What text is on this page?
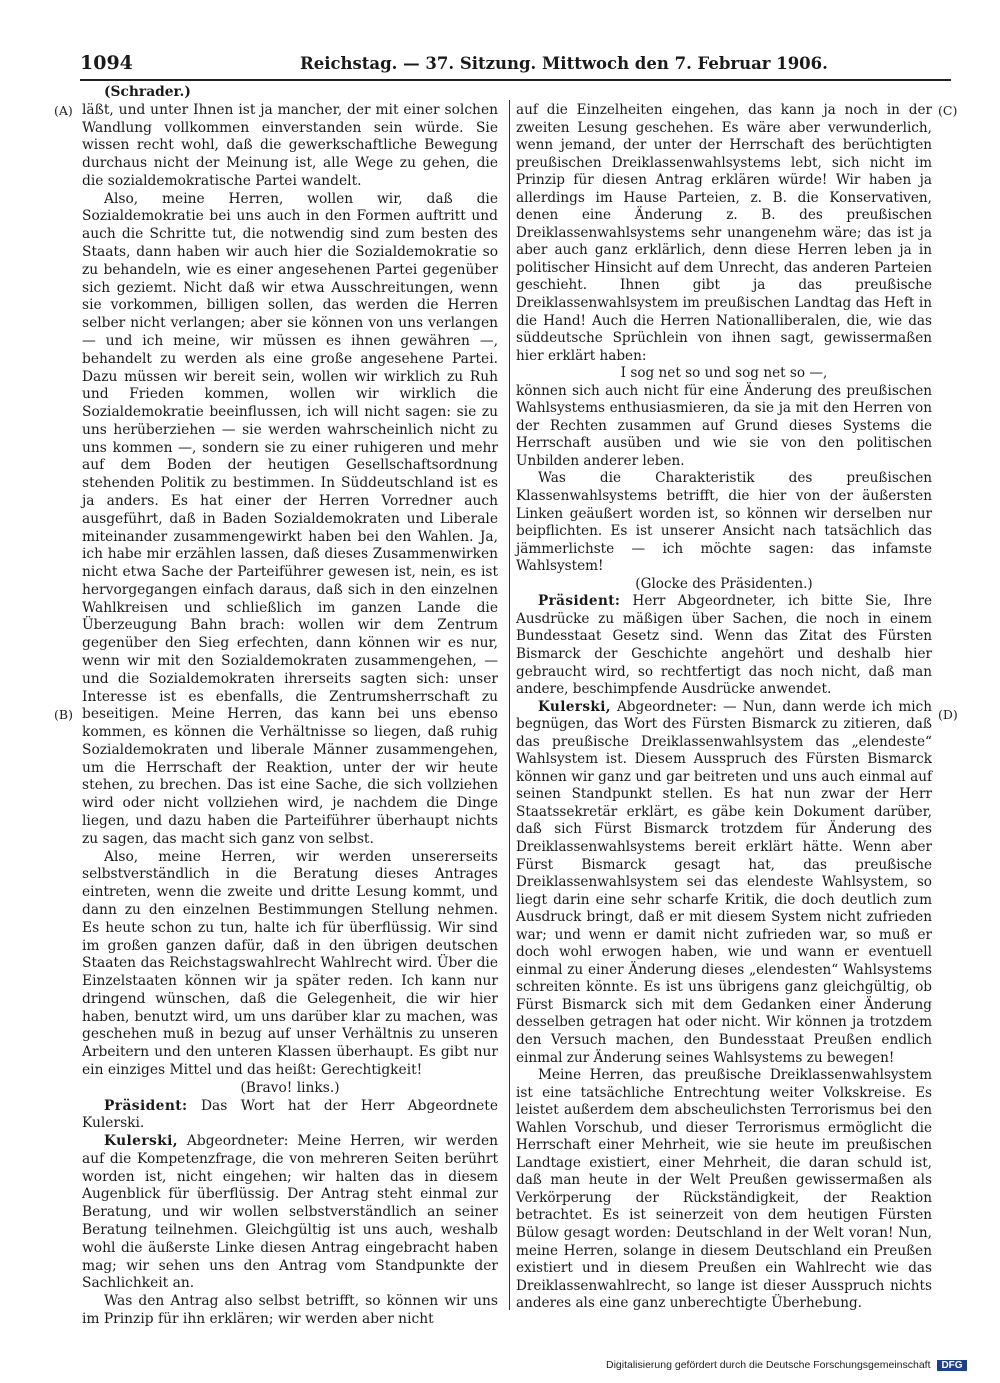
1094	Reichstag. — 37. Sitzung. Mittwoch den 7. Februar 1906.
(A)
(B)
(C)
(D)

(Schrader.)

läßt, und unter Ihnen ist ja mancher, der mit einer solchen Wandlung vollkommen einverstanden sein würde. Sie wissen recht wohl, daß die gewerkschaftliche Bewegung durchaus nicht der Meinung ist, alle Wege zu gehen, die die sozialdemokratische Partei wandelt.

Also, meine Herren, wollen wir, daß die Sozialdemokratie bei uns auch in den Formen auftritt und auch die Schritte tut, die notwendig sind zum besten des Staats, dann haben wir auch hier die Sozialdemokratie so zu behandeln, wie es einer angesehenen Partei gegenüber sich geziemt. Nicht daß wir etwa Ausschreitungen, wenn sie vorkommen, billigen sollen, das werden die Herren selber nicht verlangen; aber sie können von uns verlangen — und ich meine, wir müssen es ihnen gewähren —, behandelt zu werden als eine große angesehene Partei. Dazu müssen wir bereit sein, wollen wir wirklich zu Ruh und Frieden kommen, wollen wir wirklich die Sozialdemokratie beeinflussen, ich will nicht sagen: sie zu uns herüberziehen — sie werden wahrscheinlich nicht zu uns kommen —, sondern sie zu einer ruhigeren und mehr auf dem Boden der heutigen Gesellschaftsordnung stehenden Politik zu bestimmen. In Süddeutschland ist es ja anders. Es hat einer der Herren Vorredner auch ausgeführt, daß in Baden Sozialdemokraten und Liberale miteinander zusammengewirkt haben bei den Wahlen. Ja, ich habe mir erzählen lassen, daß dieses Zusammenwirken nicht etwa Sache der Parteiführer gewesen ist, nein, es ist hervorgegangen einfach daraus, daß sich in den einzelnen Wahlkreisen und schließlich im ganzen Lande die Überzeugung Bahn brach: wollen wir dem Zentrum gegenüber den Sieg erfechten, dann können wir es nur, wenn wir mit den Sozialdemokraten zusammengehen, — und die Sozialdemokraten ihrerseits sagten sich: unser Interesse ist es ebenfalls, die Zentrumsherrschaft zu beseitigen. Meine Herren, das kann bei uns ebenso kommen, es können die Verhältnisse so liegen, daß ruhig Sozialdemokraten und liberale Männer zusammengehen, um die Herrschaft der Reaktion, unter der wir heute stehen, zu brechen. Das ist eine Sache, die sich vollziehen wird oder nicht vollziehen wird, je nachdem die Dinge liegen, und dazu haben die Parteiführer überhaupt nichts zu sagen, das macht sich ganz von selbst.

Also, meine Herren, wir werden unsererseits selbstverständlich in die Beratung dieses Antrages eintreten, wenn die zweite und dritte Lesung kommt, und dann zu den einzelnen Bestimmungen Stellung nehmen. Es heute schon zu tun, halte ich für überflüssig. Wir sind im großen ganzen dafür, daß in den übrigen deutschen Staaten das Reichstagswahlrecht Wahlrecht wird. Über die Einzelstaaten können wir ja später reden. Ich kann nur dringend wünschen, daß die Gelegenheit, die wir hier haben, benutzt wird, um uns darüber klar zu machen, was geschehen muß in bezug auf unser Verhältnis zu unseren Arbeitern und den unteren Klassen überhaupt. Es gibt nur ein einziges Mittel und das heißt: Gerechtigkeit!

(Bravo! links.)

Präsident: Das Wort hat der Herr Abgeordnete Kulerski.

Kulerski, Abgeordneter: Meine Herren, wir werden auf die Kompetenzfrage, die von mehreren Seiten berührt worden ist, nicht eingehen; wir halten das in diesem Augenblick für überflüssig. Der Antrag steht einmal zur Beratung, und wir wollen selbstverständlich an seiner Beratung teilnehmen. Gleichgültig ist uns auch, weshalb wohl die äußerste Linke diesen Antrag eingebracht haben mag; wir sehen uns den Antrag vom Standpunkte der Sachlichkeit an.

Was den Antrag also selbst betrifft, so können wir uns im Prinzip für ihn erklären; wir werden aber nicht

auf die Einzelheiten eingehen, das kann ja noch in der zweiten Lesung geschehen. Es wäre aber verwunderlich, wenn jemand, der unter der Herrschaft des berüchtigten preußischen Dreiklassenwahlsystems lebt, sich nicht im Prinzip für diesen Antrag erklären würde! Wir haben ja allerdings im Hause Parteien, z. B. die Konservativen, denen eine Änderung z. B. des preußischen Dreiklassenwahlsystems sehr unangenehm wäre; das ist ja aber auch ganz erklärlich, denn diese Herren leben ja in politischer Hinsicht auf dem Unrecht, das anderen Parteien geschieht. Ihnen gibt ja das preußische Dreiklassenwahlsystem im preußischen Landtag das Heft in die Hand! Auch die Herren Nationalliberalen, die, wie das süddeutsche Sprüchlein von ihnen sagt, gewissermaßen hier erklärt haben:

I sog net so und sog net so —,

können sich auch nicht für eine Änderung des preußischen Wahlsystems enthusiasmieren, da sie ja mit den Herren von der Rechten zusammen auf Grund dieses Systems die Herrschaft ausüben und wie sie von den politischen Unbilden anderer leben.

Was die Charakteristik des preußischen Klassenwahlsystems betrifft, die hier von der äußersten Linken geäußert worden ist, so können wir derselben nur beipflichten. Es ist unserer Ansicht nach tatsächlich das jämmerlichste — ich möchte sagen: das infamste Wahlsystem!

(Glocke des Präsidenten.)

Präsident: Herr Abgeordneter, ich bitte Sie, Ihre Ausdrücke zu mäßigen über Sachen, die noch in einem Bundesstaat Gesetz sind. Wenn das Zitat des Fürsten Bismarck der Geschichte angehört und deshalb hier gebraucht wird, so rechtfertigt das noch nicht, daß man andere, beschimpfende Ausdrücke anwendet.

Kulerski, Abgeordneter: — Nun, dann werde ich mich begnügen, das Wort des Fürsten Bismarck zu zitieren, daß das preußische Dreiklassenwahlsystem das „elendeste“ Wahlsystem ist. Diesem Ausspruch des Fürsten Bismarck können wir ganz und gar beitreten und uns auch einmal auf seinen Standpunkt stellen. Es hat nun zwar der Herr Staatssekretär erklärt, es gäbe kein Dokument darüber, daß sich Fürst Bismarck trotzdem für Änderung des Dreiklassenwahlsystems bereit erklärt hätte. Wenn aber Fürst Bismarck gesagt hat, das preußische Dreiklassenwahlsystem sei das elendeste Wahlsystem, so liegt darin eine sehr scharfe Kritik, die doch deutlich zum Ausdruck bringt, daß er mit diesem System nicht zufrieden war; und wenn er damit nicht zufrieden war, so muß er doch wohl erwogen haben, wie und wann er eventuell einmal zu einer Änderung dieses „elendesten“ Wahlsystems schreiten könnte. Es ist uns übrigens ganz gleichgültig, ob Fürst Bismarck sich mit dem Gedanken einer Änderung desselben getragen hat oder nicht. Wir können ja trotzdem den Versuch machen, den Bundesstaat Preußen endlich einmal zur Änderung seines Wahlsystems zu bewegen!

Meine Herren, das preußische Dreiklassenwahlsystem ist eine tatsächliche Entrechtung weiter Volkskreise. Es leistet außerdem dem abscheulichsten Terrorismus bei den Wahlen Vorschub, und dieser Terrorismus ermöglicht die Herrschaft einer Mehrheit, wie sie heute im preußischen Landtage existiert, einer Mehrheit, die daran schuld ist, daß man heute in der Welt Preußen gewissermaßen als Verkörperung der Rückständigkeit, der Reaktion betrachtet. Es ist seinerzeit von dem heutigen Fürsten Bülow gesagt worden: Deutschland in der Welt voran! Nun, meine Herren, solange in diesem Deutschland ein Preußen existiert und in diesem Preußen ein Wahlrecht wie das Dreiklassenwahlrecht, so lange ist dieser Ausspruch nichts anderes als eine ganz unberechtigte Überhebung.

Digitalisierung gefördert durch die Deutsche Forschungsgemeinschaft DFG
